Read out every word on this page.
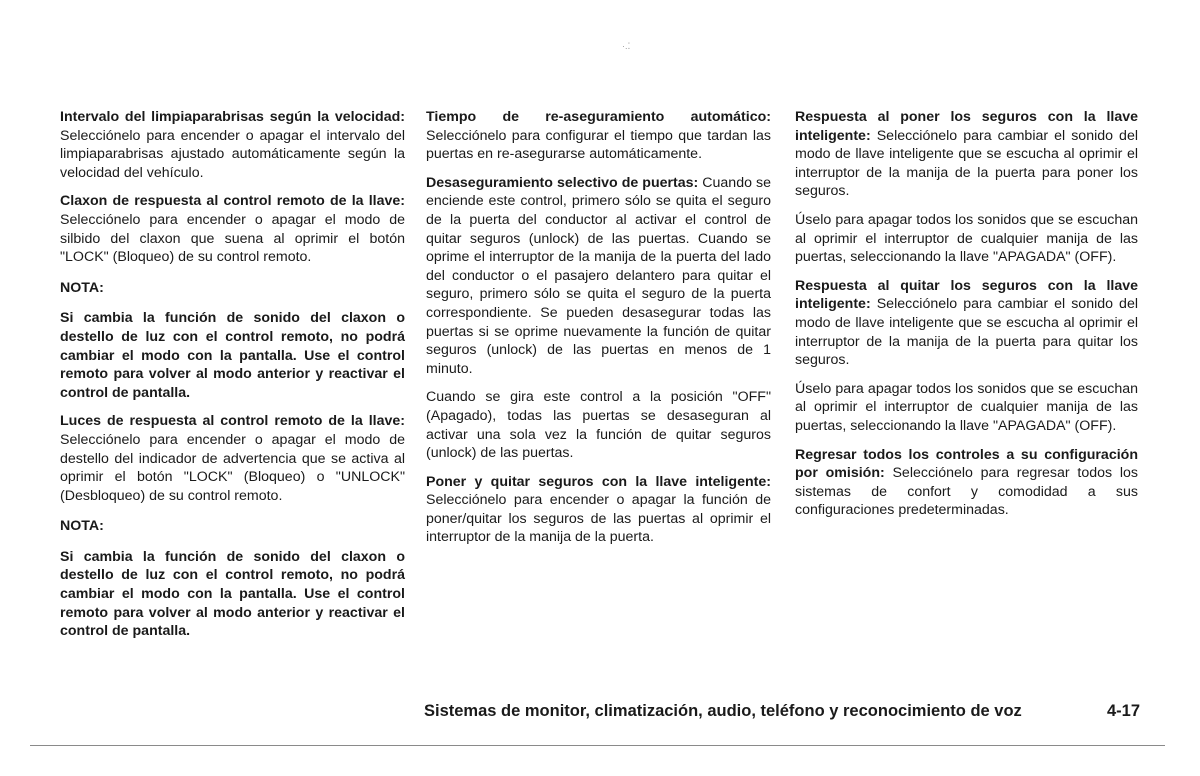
·.⁚

Intervalo del limpiaparabrisas según la velocidad: Selecciónelo para encender o apagar el intervalo del limpiaparabrisas ajustado automáticamente según la velocidad del vehículo.

Claxon de respuesta al control remoto de la llave: Selecciónelo para encender o apagar el modo de silbido del claxon que suena al oprimir el botón "LOCK" (Bloqueo) de su control remoto.

NOTA:

Si cambia la función de sonido del claxon o destello de luz con el control remoto, no podrá cambiar el modo con la pantalla. Use el control remoto para volver al modo anterior y reactivar el control de pantalla.

Luces de respuesta al control remoto de la llave: Selecciónelo para encender o apagar el modo de destello del indicador de advertencia que se activa al oprimir el botón "LOCK" (Bloqueo) o "UNLOCK" (Desbloqueo) de su control remoto.

NOTA:

Si cambia la función de sonido del claxon o destello de luz con el control remoto, no podrá cambiar el modo con la pantalla. Use el control remoto para volver al modo anterior y reactivar el control de pantalla.

Tiempo de re-aseguramiento automático: Selecciónelo para configurar el tiempo que tardan las puertas en re-asegurarse automáticamente.

Desaseguramiento selectivo de puertas: Cuando se enciende este control, primero sólo se quita el seguro de la puerta del conductor al activar el control de quitar seguros (unlock) de las puertas. Cuando se oprime el interruptor de la manija de la puerta del lado del conductor o el pasajero delantero para quitar el seguro, primero sólo se quita el seguro de la puerta correspondiente. Se pueden desasegurar todas las puertas si se oprime nuevamente la función de quitar seguros (unlock) de las puertas en menos de 1 minuto.

Cuando se gira este control a la posición "OFF" (Apagado), todas las puertas se desaseguran al activar una sola vez la función de quitar seguros (unlock) de las puertas.

Poner y quitar seguros con la llave inteligente: Selecciónelo para encender o apagar la función de poner/quitar los seguros de las puertas al oprimir el interruptor de la manija de la puerta.

Respuesta al poner los seguros con la llave inteligente: Selecciónelo para cambiar el sonido del modo de llave inteligente que se escucha al oprimir el interruptor de la manija de la puerta para poner los seguros.

Úselo para apagar todos los sonidos que se escuchan al oprimir el interruptor de cualquier manija de las puertas, seleccionando la llave "APAGADA" (OFF).

Respuesta al quitar los seguros con la llave inteligente: Selecciónelo para cambiar el sonido del modo de llave inteligente que se escucha al oprimir el interruptor de la manija de la puerta para quitar los seguros.

Úselo para apagar todos los sonidos que se escuchan al oprimir el interruptor de cualquier manija de las puertas, seleccionando la llave "APAGADA" (OFF).

Regresar todos los controles a su configuración por omisión: Selecciónelo para regresar todos los sistemas de confort y comodidad a sus configuraciones predeterminadas.

Sistemas de monitor, climatización, audio, teléfono y reconocimiento de voz	4-17
